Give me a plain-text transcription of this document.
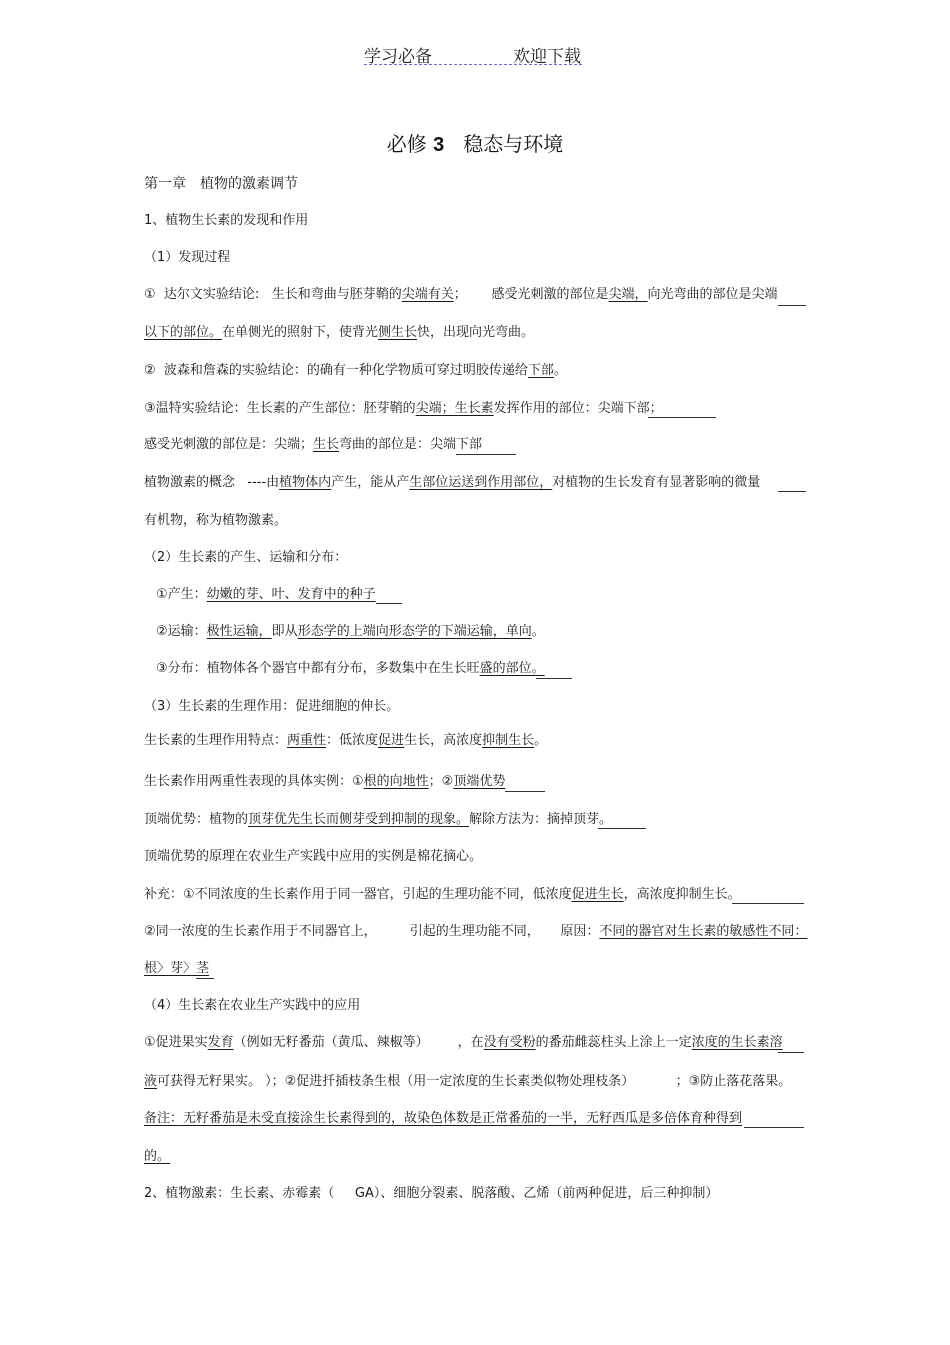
学习必备	欢迎下载
必修 3 稳态与环境
第一章　植物的激素调节
1、植物生长素的发现和作用
（1）发现过程
①  达尔文实验结论:   生长和弯曲与胚芽鞘的尖端有关；      感受光刺激的部位是尖端，向光弯曲的部位是尖端
以下的部位。在单侧光的照射下，使背光侧生长快，出现向光弯曲。
②  波森和詹森的实验结论：的确有一种化学物质可穿过明胶传递给下部。
③温特实验结论：生长素的产生部位：胚芽鞘的尖端；生长素发挥作用的部位：尖端下部；
感受光刺激的部位是：尖端；生长弯曲的部位是：尖端下部
植物激素的概念   ----由植物体内产生，能从产生部位运送到作用部位，对植物的生长发育有显著影响的微量
有机物，称为植物激素。
（2）生长素的产生、运输和分布：
①产生：幼嫩的芽、叶、发育中的种子
②运输：极性运输，即从形态学的上端向形态学的下端运输，单向。
③分布：植物体各个器官中都有分布，多数集中在生长旺盛的部位。
（3）生长素的生理作用：促进细胞的伸长。
生长素的生理作用特点：两重性：低浓度促进生长，高浓度抑制生长。
生长素作用两重性表现的具体实例：①根的向地性；②顶端优势
顶端优势：植物的顶芽优先生长而侧芽受到抑制的现象。解除方法为：摘掉顶芽。
顶端优势的原理在农业生产实践中应用的实例是棉花摘心。
补充：①不同浓度的生长素作用于同一器官，引起的生理功能不同，低浓度促进生长，高浓度抑制生长。
②同一浓度的生长素作用于不同器官上，        引起的生理功能不同，     原因：不同的器官对生长素的敏感性不同：
根〉芽〉茎
（4）生长素在农业生产实践中的应用
①促进果实发育（例如无籽番茄（黄瓜、辣椒等）       ，在没有受粉的番茄雌蕊柱头上涂上一定浓度的生长素溶
液可获得无籽果实。 ）；②促进扦插枝条生根（用一定浓度的生长素类似物处理枝条）          ；③防止落花落果。
备注：无籽番茄是未受直接涂生长素得到的，故染色体数是正常番茄的一半，无籽西瓜是多倍体育种得到
的。
2、植物激素：生长素、赤霉素（     GA）、细胞分裂素、脱落酸、乙烯（前两种促进，后三种抑制）
